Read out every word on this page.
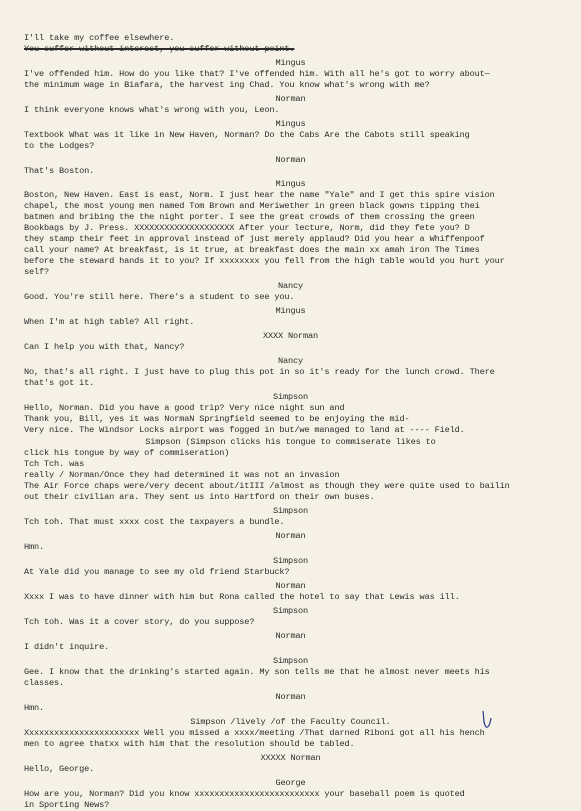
I'll take my coffee elsewhere.
You suffer without interest, you suffer without point.
Mingus
I've offended him. How do you like that? I've offended him. With all he's got to worry about—
the minimum wage in Biafara, the harvest ing Chad. You know what's wrong with me?
Norman
I think everyone knows what's wrong with you, Leon.
Mingus
Textbook What was it like in New Haven, Norman? Do the Cabs Are the Cabots still speaking
to the Lodges?
Norman
That's Boston.
Mingus
Boston, New Haven. East is east, Norm. I just hear the name "Yale" and I get this spire vision
chapel, the most young men named Tom Brown and Meriwether in green black gowns tipping thei
batmen and bribing the the night porter. I see the great crowds of them crossing the green
Bookbags by J. Press. XXXXXXXXXXXXXXXXXXXX After your lecture, Norm, did they fete you? D
they stamp their feet in approval instead of just merely applaud? Did you hear a Whiffenpoof
call your name? At breakfast, is it true, at breakfast does the main xx amah iron The Times
before the steward hands it to you? If xxxxxxxx you fell from the high table would you hurt your
self?
Nancy
Good. You're still here. There's a student to see you.
Mingus
When I'm at high table? All right.
XXXX Norman
Can I help you with that, Nancy?
Nancy
No, that's all right. I just have to plug this pot in so it's ready for the lunch crowd. There
that's got it.
Simpson
Hello, Norman. Did you have a good trip? Very nice night sun and
Thank you, Bill, yes it was NormaN Springfield seemed to be enjoying the mid-
Very nice. The Windsor Locks airport was fogged in but/we managed to land at ---- Field.
Simpson (Simpson clicks his tongue to commiserate likes to
click his tongue by way of commiseration)
Tch Tch. was
really / Norman/Once they had determined it was not an invasion
The Air Force chaps were/very decent about/itIII /almost as though they were quite used to bailin
out their civilian ara. They sent us into Hartford on their own buses.
Simpson
Tch toh. That must xxxx cost the taxpayers a bundle.
Norman
Hmn.
Simpson
At Yale did you manage to see my old friend Starbuck?
Norman
Xxxx I was to have dinner with him but Rona called the hotel to say that Lewis was ill.
Simpson
Tch toh. Was it a cover story, do you suppose?
Norman
I didn't inquire.
Simpson
Gee. I know that the drinking's started again. My son tells me that he almost never meets his
classes.
Norman
Hmn.
Simpson /lively /of the Faculty Council.
Xxxxxxxxxxxxxxxxxxxxxxx Well you missed a xxxx/meeting /That darned Riboni got all his hench
men to agree thatxx with him that the resolution should be tabled.
XXXXX Norman
Hello, George.
George
How are you, Norman? Did you know xxxxxxxxxxxxxxxxxxxxxxxxx your baseball poem is quoted
in Sporting News?
